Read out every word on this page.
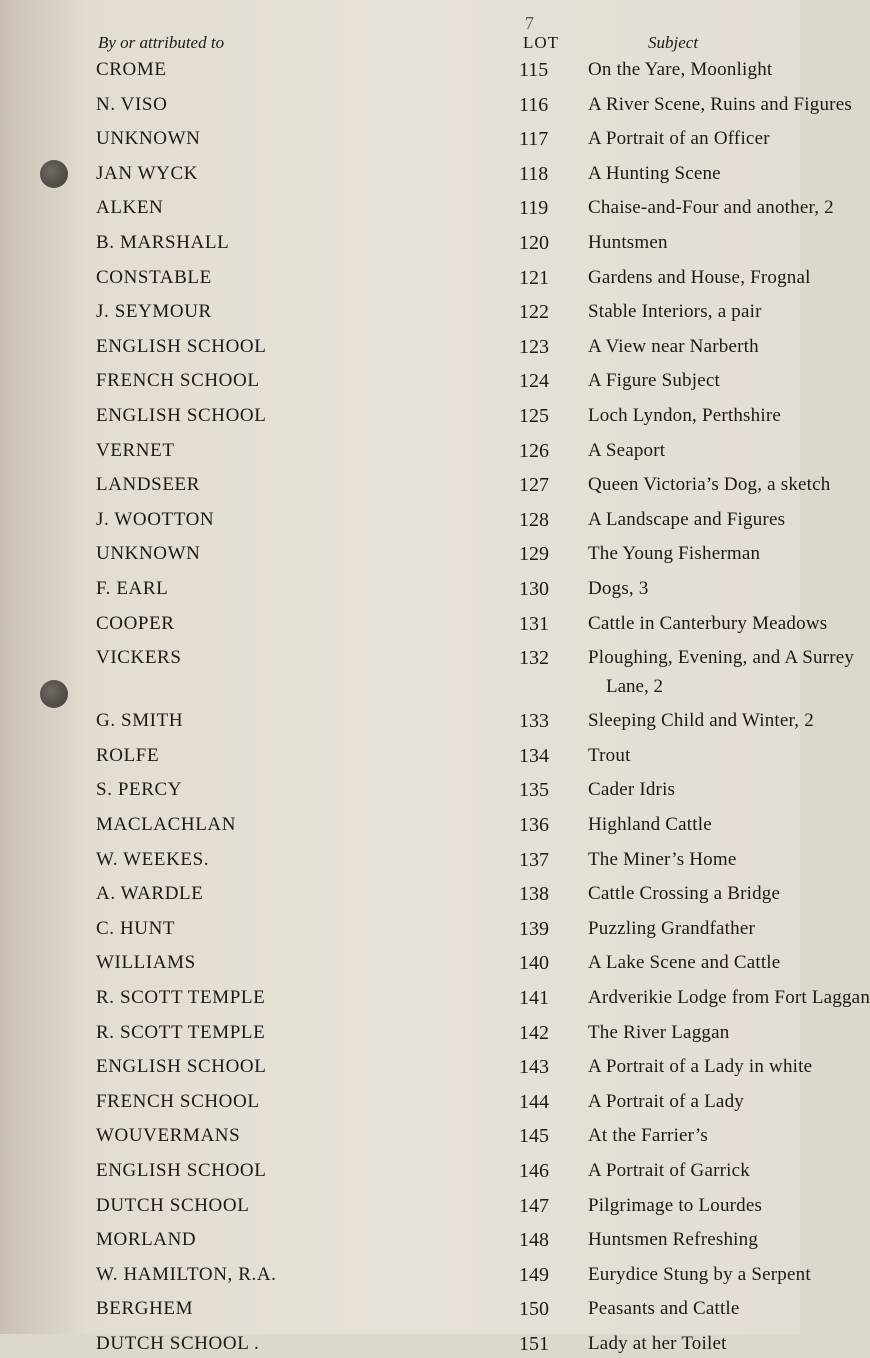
7
By or attributed to	LOT	Subject
CROME	115 On the Yare, Moonlight
N. VISO	116 A River Scene, Ruins and Figures
UNKNOWN	117 A Portrait of an Officer
JAN WYCK	118 A Hunting Scene
ALKEN	119 Chaise-and-Four and another, 2
B. MARSHALL	120 Huntsmen
CONSTABLE	121 Gardens and House, Frognal
J. SEYMOUR	122 Stable Interiors, a pair
ENGLISH SCHOOL	123 A View near Narberth
FRENCH SCHOOL	124 A Figure Subject
ENGLISH SCHOOL	125 Loch Lyndon, Perthshire
VERNET	126 A Seaport
LANDSEER	127 Queen Victoria’s Dog, a sketch
J. WOOTTON	128 A Landscape and Figures
UNKNOWN	129 The Young Fisherman
F. EARL	130 Dogs, 3
COOPER	131 Cattle in Canterbury Meadows
VICKERS	132 Ploughing, Evening, and A Surrey
Lane, 2
G. SMITH	133 Sleeping Child and Winter, 2
ROLFE	134 Trout
S. PERCY	135 Cader Idris
MACLACHLAN	136 Highland Cattle
W. WEEKES.	137 The Miner’s Home
A. WARDLE	138 Cattle Crossing a Bridge
C. HUNT	139 Puzzling Grandfather
WILLIAMS	140 A Lake Scene and Cattle
R. SCOTT TEMPLE	141 Ardverikie Lodge from Fort Laggan
R. SCOTT TEMPLE	142 The River Laggan
ENGLISH SCHOOL	143 A Portrait of a Lady in white
FRENCH SCHOOL	144 A Portrait of a Lady
WOUVERMANS	145 At the Farrier’s
ENGLISH SCHOOL	146 A Portrait of Garrick
DUTCH SCHOOL	147 Pilgrimage to Lourdes
MORLAND	148 Huntsmen Refreshing
W. HAMILTON, R.A.	149 Eurydice Stung by a Serpent
BERGHEM	150 Peasants and Cattle
DUTCH SCHOOL .	151 Lady at her Toilet
